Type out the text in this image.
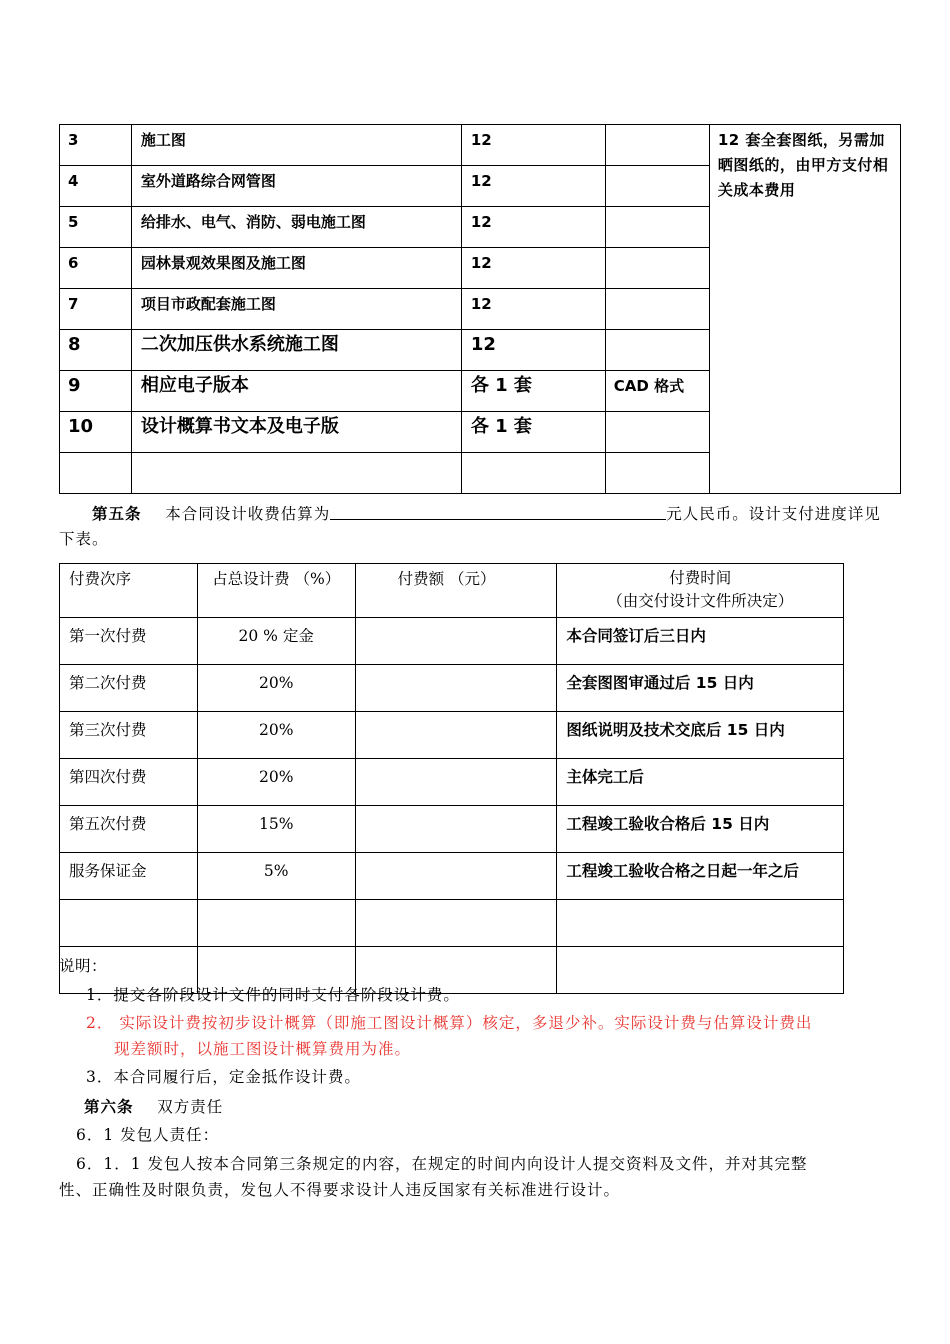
3	施工图	12		12 套全套图纸，另需加晒图纸的，由甲方支付相关成本费用
4	室外道路综合网管图	12		
5	给排水、电气、消防、弱电施工图	12		
6	园林景观效果图及施工图	12		
7	项目市政配套施工图	12		
8	二次加压供水系统施工图	12		
9	相应电子版本	各 1 套	CAD 格式	
10	设计概算书文本及电子版	各 1 套		

第五条 本合同设计收费估算为	元人民币。设计支付进度详见下表。
付费次序	占总设计费 （%）	付费额 （元）	付费时间
（由交付设计文件所决定）

第一次付费	20 % 定金		本合同签订后三日内
第二次付费	20%		全套图图审通过后 15 日内
第三次付费	20%		图纸说明及技术交底后 15 日内
第四次付费	20%		主体完工后
第五次付费	15%		工程竣工验收合格后 15 日内
服务保证金	5%		工程竣工验收合格之日起一年之后

说明：
1．提交各阶段设计文件的同时支付各阶段设计费。
2． 实际设计费按初步设计概算（即施工图设计概算）核定，多退少补。实际设计费与估算设计费出
现差额时，以施工图设计概算费用为准。
3．本合同履行后，定金抵作设计费。
第六条 双方责任
6．1 发包人责任：
6．1．1 发包人按本合同第三条规定的内容，在规定的时间内向设计人提交资料及文件，并对其完整
性、正确性及时限负责，发包人不得要求设计人违反国家有关标准进行设计。
